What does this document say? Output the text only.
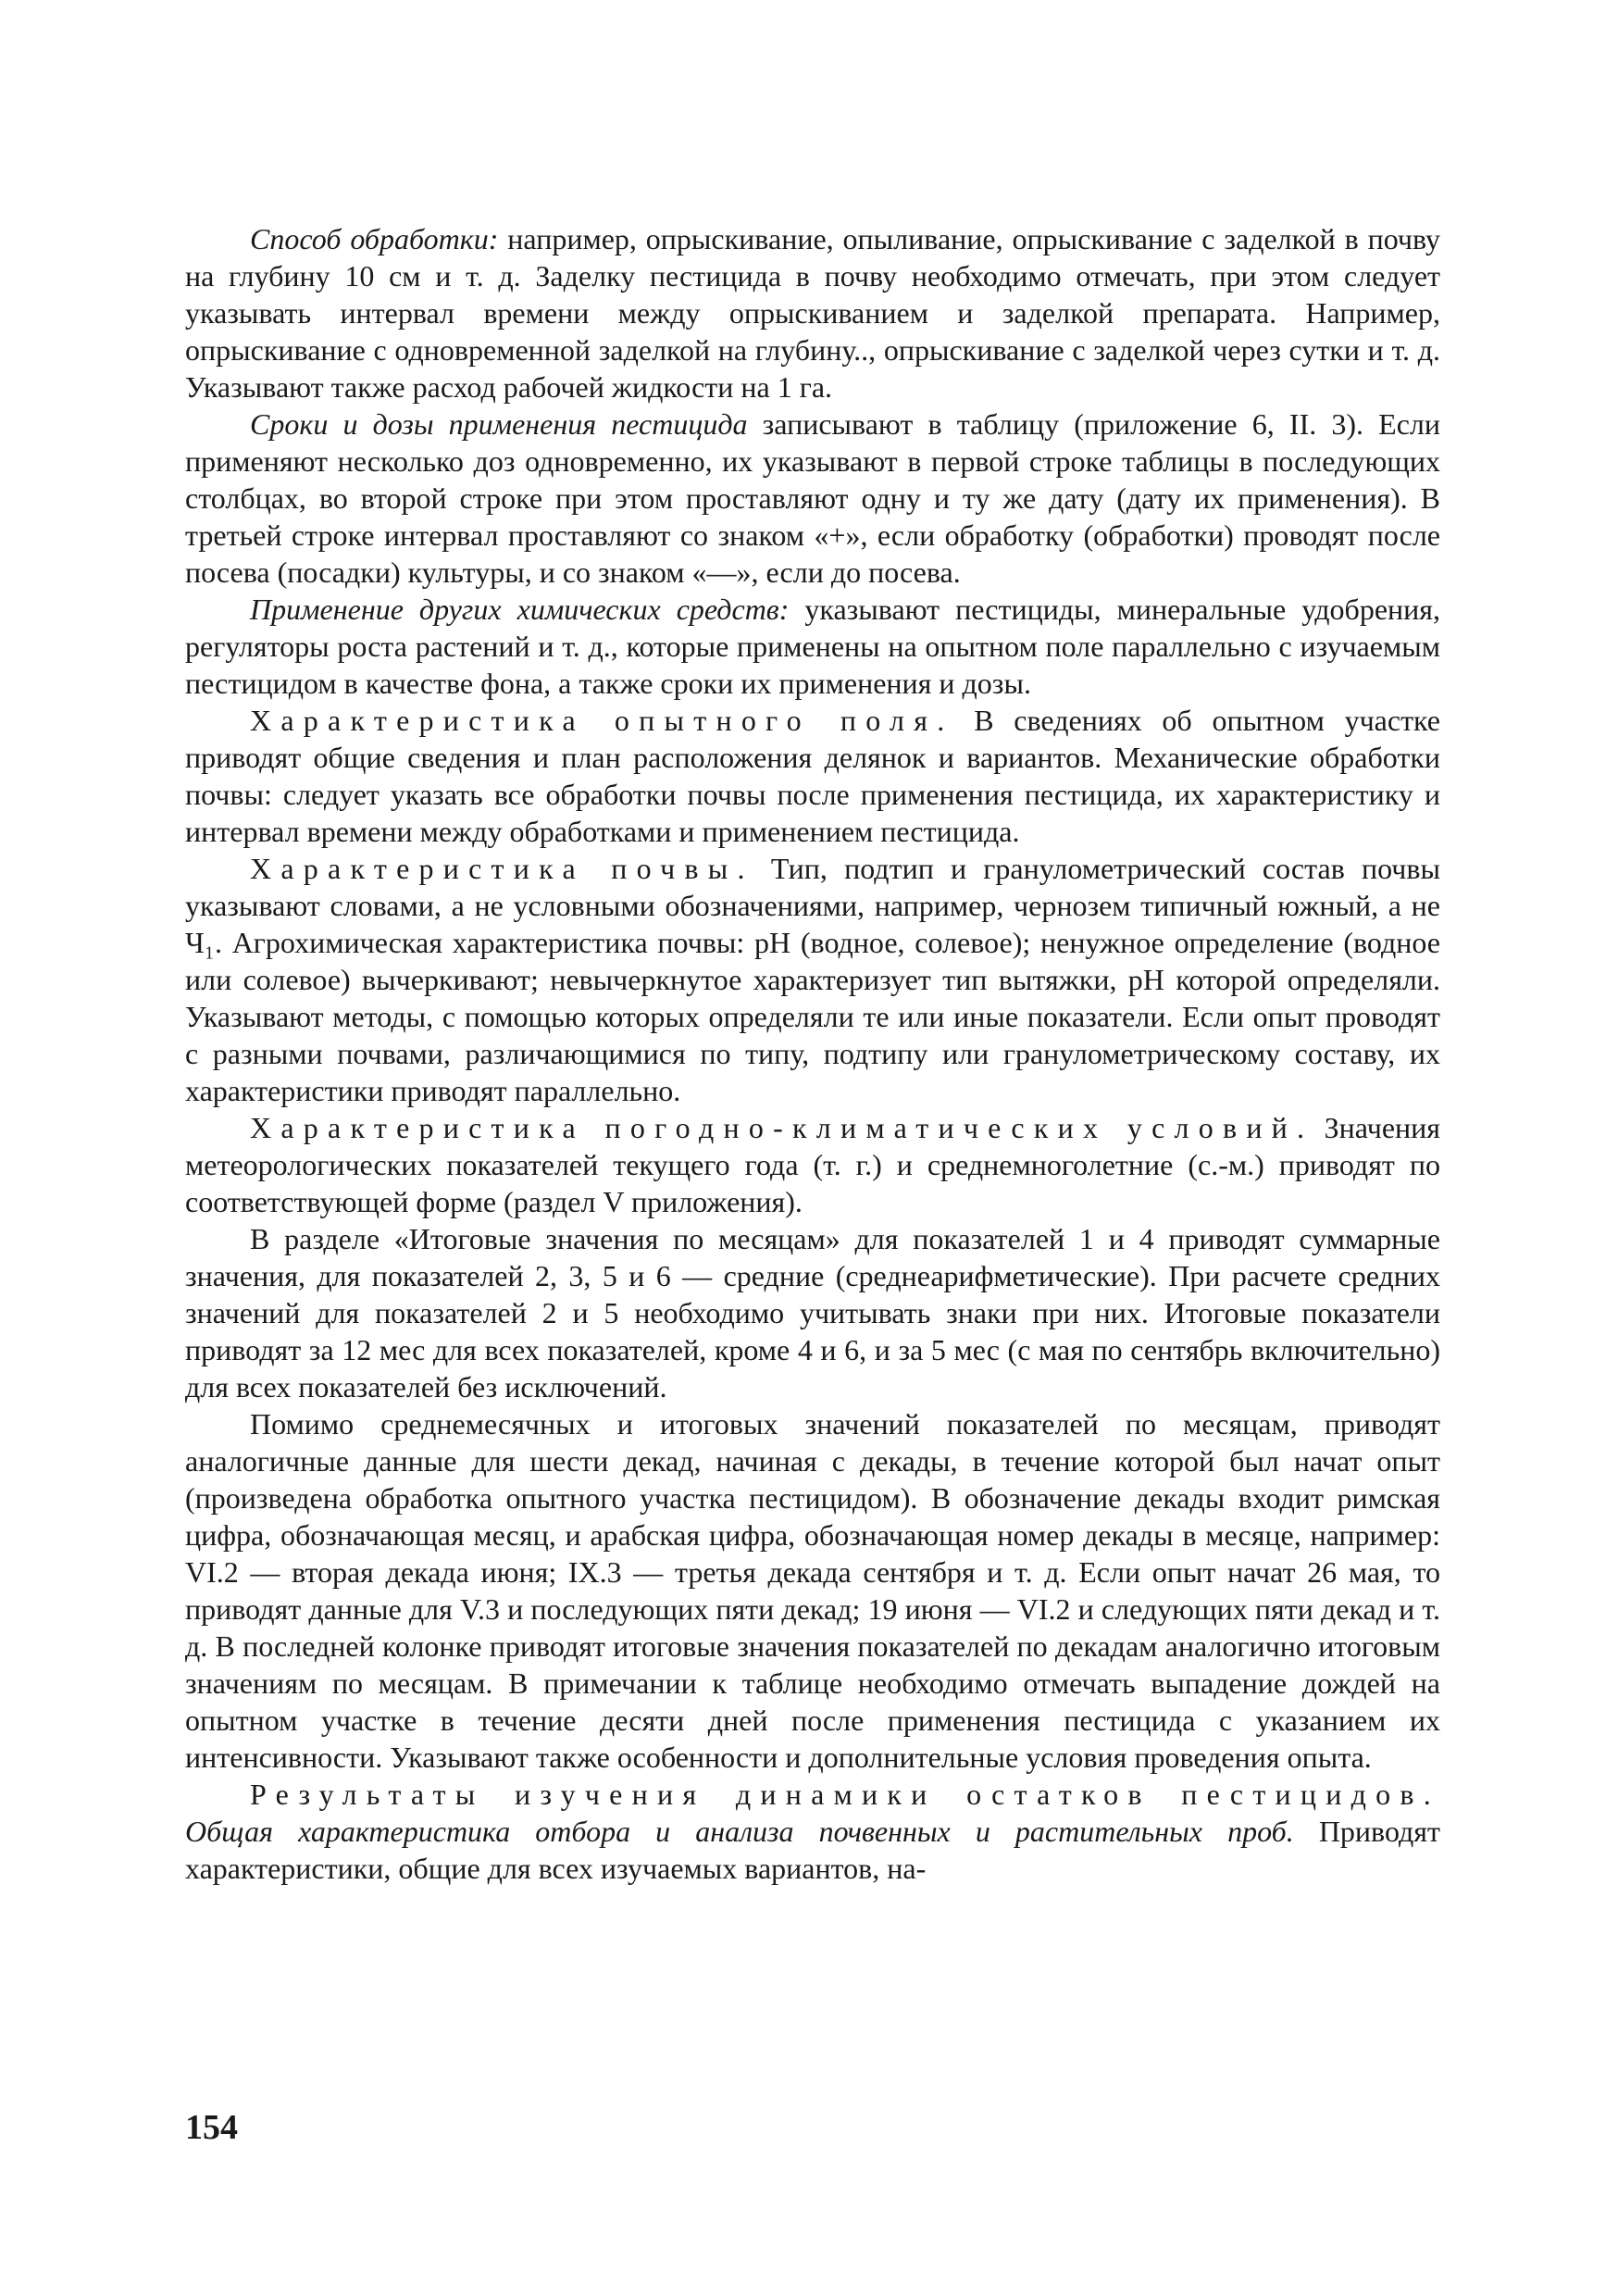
Способ обработки: например, опрыскивание, опыливание, опрыскивание с заделкой в почву на глубину 10 см и т. д. Заделку пестицида в почву необходимо отмечать, при этом следует указывать интервал времени между опрыскиванием и заделкой препарата. Например, опрыскивание с одновременной заделкой на глубину.., опрыскивание с заделкой через сутки и т. д. Указывают также расход рабочей жидкости на 1 га.

Сроки и дозы применения пестицида записывают в таблицу (приложение 6, II. 3). Если применяют несколько доз одновременно, их указывают в первой строке таблицы в последующих столбцах, во второй строке при этом проставляют одну и ту же дату (дату их применения). В третьей строке интервал проставляют со знаком «+», если обработку (обработки) проводят после посева (посадки) культуры, и со знаком «—», если до посева.

Применение других химических средств: указывают пестициды, минеральные удобрения, регуляторы роста растений и т. д., которые применены на опытном поле параллельно с изучаемым пестицидом в качестве фона, а также сроки их применения и дозы.

Характеристика опытного поля. В сведениях об опытном участке приводят общие сведения и план расположения делянок и вариантов. Механические обработки почвы: следует указать все обработки почвы после применения пестицида, их характеристику и интервал времени между обработками и применением пестицида.

Характеристика почвы. Тип, подтип и гранулометрический состав почвы указывают словами, а не условными обозначениями, например, чернозем типичный южный, а не Ч₁. Агрохимическая характеристика почвы: pH (водное, солевое); ненужное определение (водное или солевое) вычеркивают; невычеркнутое характеризует тип вытяжки, pH которой определяли. Указывают методы, с помощью которых определяли те или иные показатели. Если опыт проводят с разными почвами, различающимися по типу, подтипу или гранулометрическому составу, их характеристики приводят параллельно.

Характеристика погодно-климатических условий. Значения метеорологических показателей текущего года (т. г.) и среднемноголетние (с.-м.) приводят по соответствующей форме (раздел V приложения).

В разделе «Итоговые значения по месяцам» для показателей 1 и 4 приводят суммарные значения, для показателей 2, 3, 5 и 6 — средние (среднеарифметические). При расчете средних значений для показателей 2 и 5 необходимо учитывать знаки при них. Итоговые показатели приводят за 12 мес для всех показателей, кроме 4 и 6, и за 5 мес (с мая по сентябрь включительно) для всех показателей без исключений.

Помимо среднемесячных и итоговых значений показателей по месяцам, приводят аналогичные данные для шести декад, начиная с декады, в течение которой был начат опыт (произведена обработка опытного участка пестицидом). В обозначение декады входит римская цифра, обозначающая месяц, и арабская цифра, обозначающая номер декады в месяце, например: VI.2 — вторая декада июня; IX.3 — третья декада сентября и т. д. Если опыт начат 26 мая, то приводят данные для V.3 и последующих пяти декад; 19 июня — VI.2 и следующих пяти декад и т. д. В последней колонке приводят итоговые значения показателей по декадам аналогично итоговым значениям по месяцам. В примечании к таблице необходимо отмечать выпадение дождей на опытном участке в течение десяти дней после применения пестицида с указанием их интенсивности. Указывают также особенности и дополнительные условия проведения опыта.

Результаты изучения динамики остатков пестицидов. Общая характеристика отбора и анализа почвенных и растительных проб. Приводят характеристики, общие для всех изучаемых вариантов, на-

154
